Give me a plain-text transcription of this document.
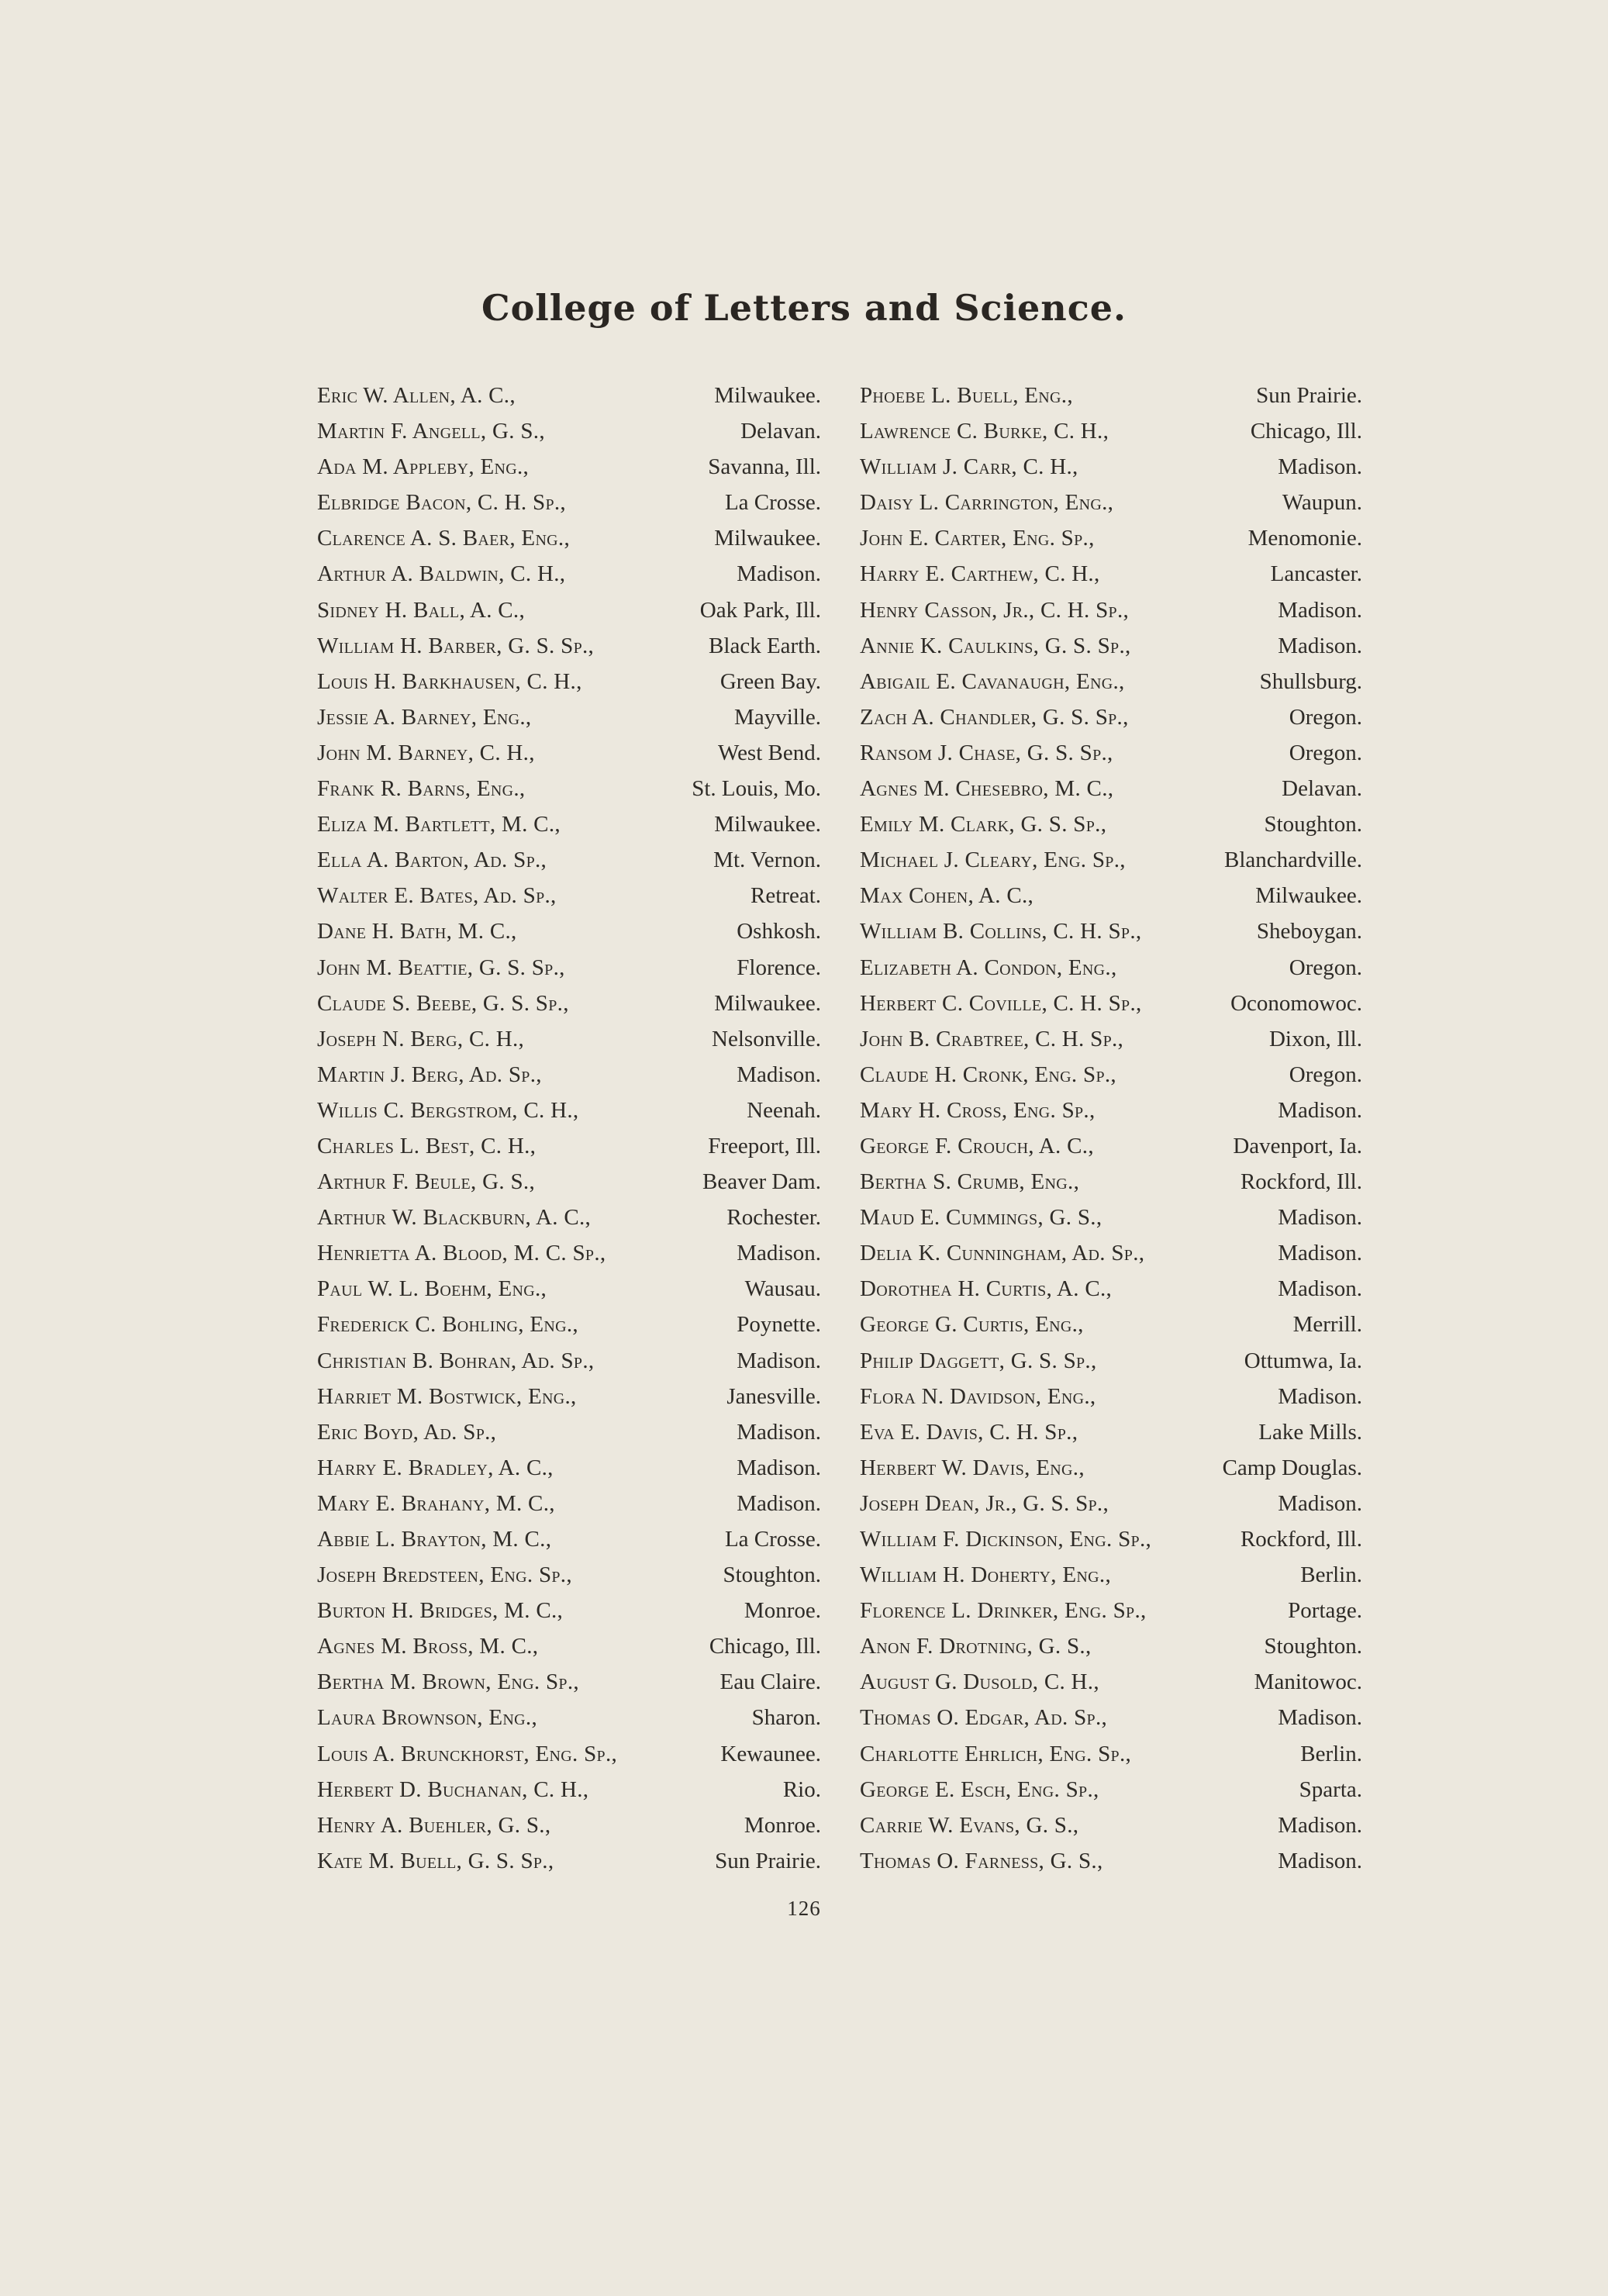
College of Letters and Science.
Eric W. Allen, A. C.,	Milwaukee.
Martin F. Angell, G. S.,	Delavan.
Ada M. Appleby, Eng.,	Savanna, Ill.
Elbridge Bacon, C. H. Sp.,	La Crosse.
Clarence A. S. Baer, Eng.,	Milwaukee.
Arthur A. Baldwin, C. H.,	Madison.
Sidney H. Ball, A. C.,	Oak Park, Ill.
William H. Barber, G. S. Sp.,	Black Earth.
Louis H. Barkhausen, C. H.,	Green Bay.
Jessie A. Barney, Eng.,	Mayville.
John M. Barney, C. H.,	West Bend.
Frank R. Barns, Eng.,	St. Louis, Mo.
Eliza M. Bartlett, M. C.,	Milwaukee.
Ella A. Barton, Ad. Sp.,	Mt. Vernon.
Walter E. Bates, Ad. Sp.,	Retreat.
Dane H. Bath, M. C.,	Oshkosh.
John M. Beattie, G. S. Sp.,	Florence.
Claude S. Beebe, G. S. Sp.,	Milwaukee.
Joseph N. Berg, C. H.,	Nelsonville.
Martin J. Berg, Ad. Sp.,	Madison.
Willis C. Bergstrom, C. H.,	Neenah.
Charles L. Best, C. H.,	Freeport, Ill.
Arthur F. Beule, G. S.,	Beaver Dam.
Arthur W. Blackburn, A. C.,	Rochester.
Henrietta A. Blood, M. C. Sp.,	Madison.
Paul W. L. Boehm, Eng.,	Wausau.
Frederick C. Bohling, Eng.,	Poynette.
Christian B. Bohran, Ad. Sp.,	Madison.
Harriet M. Bostwick, Eng.,	Janesville.
Eric Boyd, Ad. Sp.,	Madison.
Harry E. Bradley, A. C.,	Madison.
Mary E. Brahany, M. C.,	Madison.
Abbie L. Brayton, M. C.,	La Crosse.
Joseph Bredsteen, Eng. Sp.,	Stoughton.
Burton H. Bridges, M. C.,	Monroe.
Agnes M. Bross, M. C.,	Chicago, Ill.
Bertha M. Brown, Eng. Sp.,	Eau Claire.
Laura Brownson, Eng.,	Sharon.
Louis A. Brunckhorst, Eng. Sp.,	Kewaunee.
Herbert D. Buchanan, C. H.,	Rio.
Henry A. Buehler, G. S.,	Monroe.
Kate M. Buell, G. S. Sp.,	Sun Prairie.
Phoebe L. Buell, Eng.,	Sun Prairie.
Lawrence C. Burke, C. H.,	Chicago, Ill.
William J. Carr, C. H.,	Madison.
Daisy L. Carrington, Eng.,	Waupun.
John E. Carter, Eng. Sp.,	Menomonie.
Harry E. Carthew, C. H.,	Lancaster.
Henry Casson, Jr., C. H. Sp.,	Madison.
Annie K. Caulkins, G. S. Sp.,	Madison.
Abigail E. Cavanaugh, Eng.,	Shullsburg.
Zach A. Chandler, G. S. Sp.,	Oregon.
Ransom J. Chase, G. S. Sp.,	Oregon.
Agnes M. Chesebro, M. C.,	Delavan.
Emily M. Clark, G. S. Sp.,	Stoughton.
Michael J. Cleary, Eng. Sp.,	Blanchardville.
Max Cohen, A. C.,	Milwaukee.
William B. Collins, C. H. Sp.,	Sheboygan.
Elizabeth A. Condon, Eng.,	Oregon.
Herbert C. Coville, C. H. Sp.,	Oconomowoc.
John B. Crabtree, C. H. Sp.,	Dixon, Ill.
Claude H. Cronk, Eng. Sp.,	Oregon.
Mary H. Cross, Eng. Sp.,	Madison.
George F. Crouch, A. C.,	Davenport, Ia.
Bertha S. Crumb, Eng.,	Rockford, Ill.
Maud E. Cummings, G. S.,	Madison.
Delia K. Cunningham, Ad. Sp.,	Madison.
Dorothea H. Curtis, A. C.,	Madison.
George G. Curtis, Eng.,	Merrill.
Philip Daggett, G. S. Sp.,	Ottumwa, Ia.
Flora N. Davidson, Eng.,	Madison.
Eva E. Davis, C. H. Sp.,	Lake Mills.
Herbert W. Davis, Eng.,	Camp Douglas.
Joseph Dean, Jr., G. S. Sp.,	Madison.
William F. Dickinson, Eng. Sp.,	Rockford, Ill.
William H. Doherty, Eng.,	Berlin.
Florence L. Drinker, Eng. Sp.,	Portage.
Anon F. Drotning, G. S.,	Stoughton.
August G. Dusold, C. H.,	Manitowoc.
Thomas O. Edgar, Ad. Sp.,	Madison.
Charlotte Ehrlich, Eng. Sp.,	Berlin.
George E. Esch, Eng. Sp.,	Sparta.
Carrie W. Evans, G. S.,	Madison.
Thomas O. Farness, G. S.,	Madison.
126
